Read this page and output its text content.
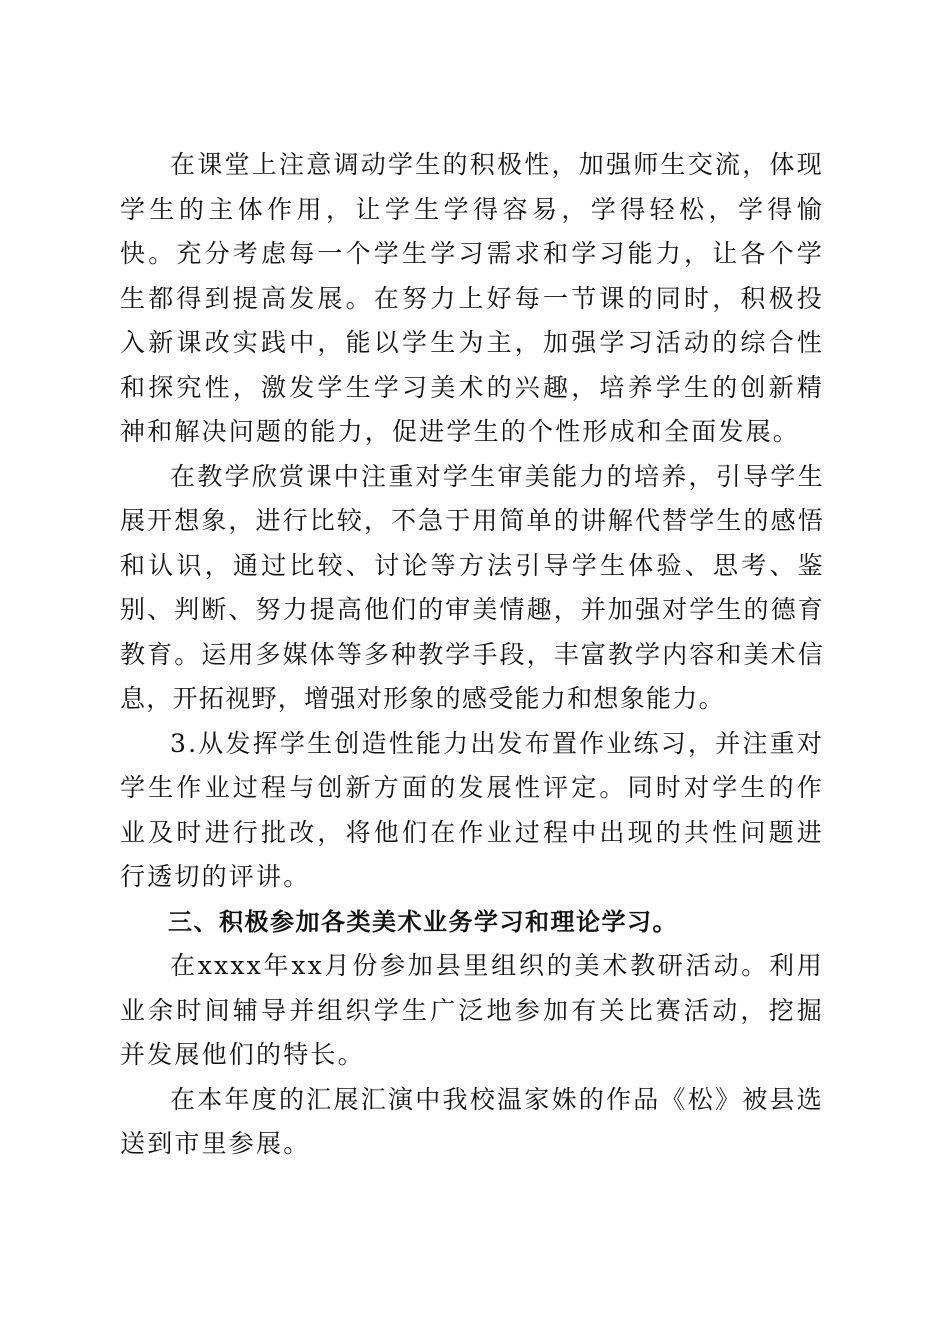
在课堂上注意调动学生的积极性，加强师生交流，体现学生的主体作用，让学生学得容易，学得轻松，学得愉快。充分考虑每一个学生学习需求和学习能力，让各个学生都得到提高发展。在努力上好每一节课的同时，积极投入新课改实践中，能以学生为主，加强学习活动的综合性和探究性，激发学生学习美术的兴趣，培养学生的创新精神和解决问题的能力，促进学生的个性形成和全面发展。

在教学欣赏课中注重对学生审美能力的培养，引导学生展开想象，进行比较，不急于用简单的讲解代替学生的感悟和认识，通过比较、讨论等方法引导学生体验、思考、鉴别、判断、努力提高他们的审美情趣，并加强对学生的德育教育。运用多媒体等多种教学手段，丰富教学内容和美术信息，开拓视野，增强对形象的感受能力和想象能力。

3.从发挥学生创造性能力出发布置作业练习，并注重对学生作业过程与创新方面的发展性评定。同时对学生的作业及时进行批改，将他们在作业过程中出现的共性问题进行透切的评讲。

三、积极参加各类美术业务学习和理论学习。

在xxxx年xx月份参加县里组织的美术教研活动。利用业余时间辅导并组织学生广泛地参加有关比赛活动，挖掘并发展他们的特长。

在本年度的汇展汇演中我校温家姝的作品《松》被县选送到市里参展。
